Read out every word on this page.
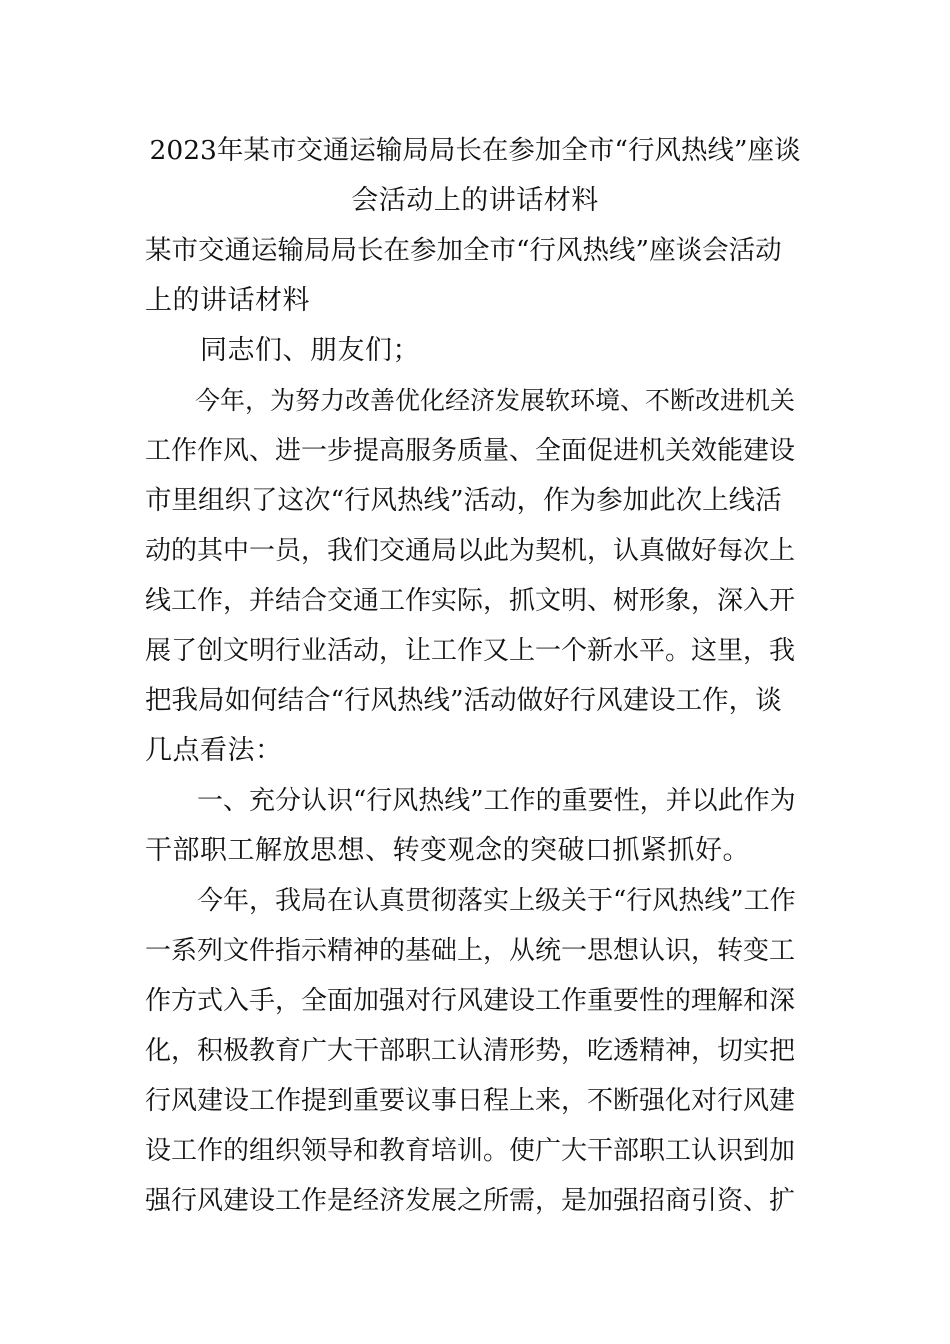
2023年某市交通运输局局长在参加全市“行风热线”座谈
会活动上的讲话材料
某市交通运输局局长在参加全市“行风热线”座谈会活动
上的讲话材料
　　同志们、朋友们；
　　今年，为努力改善优化经济发展软环境、不断改进机关
工作作风、进一步提高服务质量、全面促进机关效能建设
市里组织了这次“行风热线”活动，作为参加此次上线活
动的其中一员，我们交通局以此为契机，认真做好每次上
线工作，并结合交通工作实际，抓文明、树形象，深入开
展了创文明行业活动，让工作又上一个新水平。这里，我
把我局如何结合“行风热线”活动做好行风建设工作，谈
几点看法：
　　一、充分认识“行风热线”工作的重要性，并以此作为
干部职工解放思想、转变观念的突破口抓紧抓好。
　　今年，我局在认真贯彻落实上级关于“行风热线”工作
一系列文件指示精神的基础上，从统一思想认识，转变工
作方式入手，全面加强对行风建设工作重要性的理解和深
化，积极教育广大干部职工认清形势，吃透精神，切实把
行风建设工作提到重要议事日程上来，不断强化对行风建
设工作的组织领导和教育培训。使广大干部职工认识到加
强行风建设工作是经济发展之所需，是加强招商引资、扩
